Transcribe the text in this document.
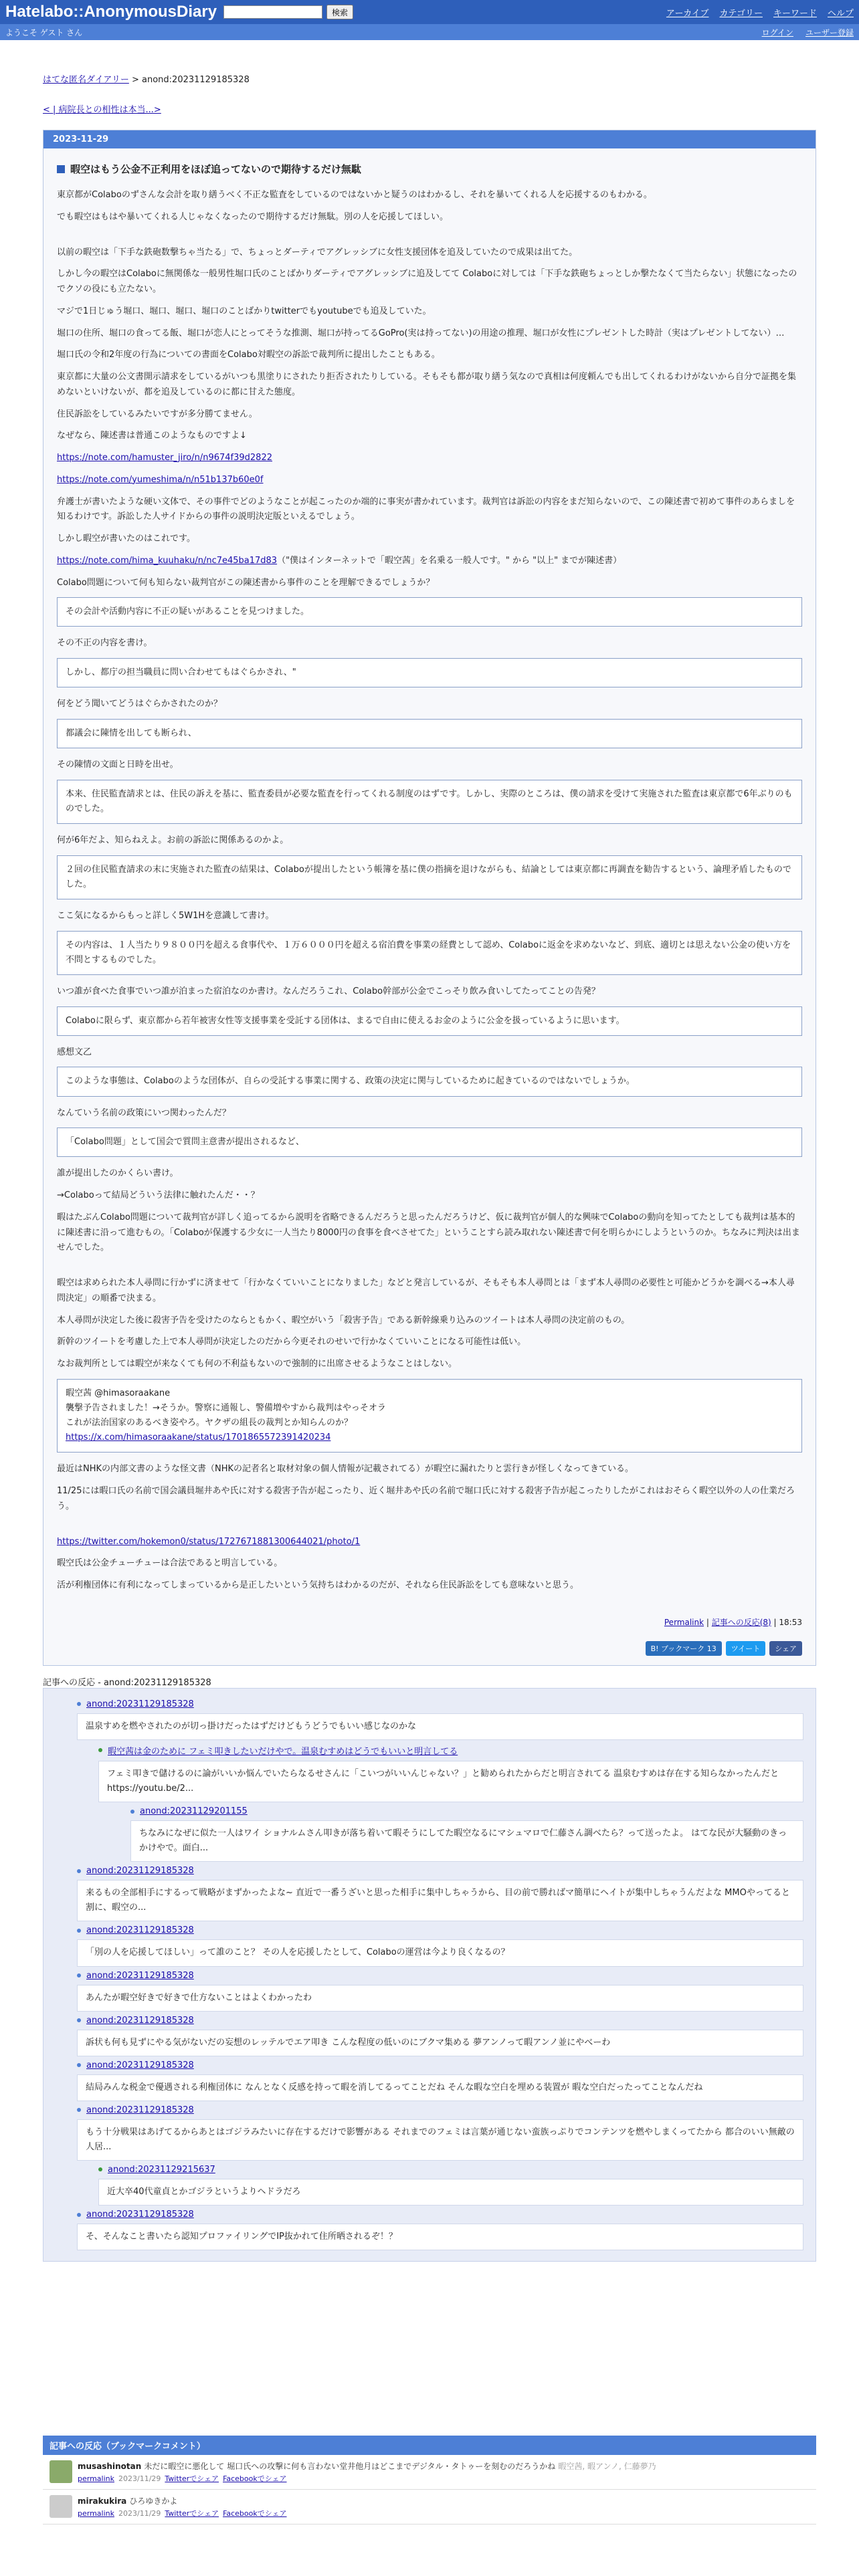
Hatelabo::AnonymousDiary	検索	アーカイブ カテゴリー キーワード ヘルプ
ようこそ ゲスト さん	ログイン ユーザー登録
はてな匿名ダイアリー > anond:20231129185328
< | 病院長との相性は本当...>
2023-11-29
暇空はもう公金不正利用をほぼ追ってないので期待するだけ無駄

東京都がColaboのずさんな会計を取り繕うべく不正な監査をしているのではないかと疑うのはわかるし、それを暴いてくれる人を応援するのもわかる。

でも暇空はもはや暴いてくれる人じゃなくなったので期待するだけ無駄。別の人を応援してほしい。

以前の暇空は「下手な鉄砲数撃ちゃ当たる」で、ちょっとダーティでアグレッシブに女性支援団体を追及していたので成果は出てた。

しかし今の暇空はColaboに無関係な一般男性堀口氏のことばかりダーティでアグレッシブに追及してて Colaboに対しては「下手な鉄砲ちょっとしか撃たなくて当たらない」状態になったのでクソの役にも立たない。

マジで1日じゅう堀口、堀口、堀口、堀口のことばかりtwitterでもyoutubeでも追及していた。

堀口の住所、堀口の食ってる飯、堀口が恋人にとってそうな推測、堀口が持ってるGoPro(実は持ってない)の用途の推理、堀口が女性にプレゼントした時計（実はプレゼントしてない）…

堀口氏の令和2年度の行為についての書面をColabo対暇空の訴訟で裁判所に提出したこともある。

東京都に大量の公文書開示請求をしているがいつも黒塗りにされたり拒否されたりしている。そもそも都が取り繕う気なので真相は何度頼んでも出してくれるわけがないから自分で証拠を集めないといけないが、都を追及しているのに都に甘えた態度。

住民訴訟をしているみたいですが多分勝てません。

なぜなら、陳述書は普通このようなものですよ↓

https://note.com/hamuster_jiro/n/n9674f39d2822

https://note.com/yumeshima/n/n51b137b60e0f

弁護士が書いたような硬い文体で、その事件でどのようなことが起こったのか端的に事実が書かれています。裁判官は訴訟の内容をまだ知らないので、この陳述書で初めて事件のあらましを知るわけです。訴訟した人サイドからの事件の説明決定版といえるでしょう。

しかし暇空が書いたのはこれです。

https://note.com/hima_kuuhaku/n/nc7e45ba17d83（"僕はインターネットで「暇空茜」を名乗る一般人です。" から "以上" までが陳述書）

Colabo問題について何も知らない裁判官がこの陳述書から事件のことを理解できるでしょうか？

その会計や活動内容に不正の疑いがあることを見つけました。

その不正の内容を書け。

しかし、都庁の担当職員に問い合わせてもはぐらかされ、"

何をどう聞いてどうはぐらかされたのか？

都議会に陳情を出しても断られ、

その陳情の文面と日時を出せ。

本来、住民監査請求とは、住民の訴えを基に、監査委員が必要な監査を行ってくれる制度のはずです。しかし、実際のところは、僕の請求を受けて実施された監査は東京都で6年ぶりのものでした。

何が6年だよ、知らねえよ。お前の訴訟に関係あるのかよ。

２回の住民監査請求の末に実施された監査の結果は、Colaboが提出したという帳簿を基に僕の指摘を退けながらも、結論としては東京都に再調査を勧告するという、論理矛盾したものでした。

ここ気になるからもっと詳しく5W1Hを意識して書け。

その内容は、１人当たり９８００円を超える食事代や、１万６０００円を超える宿泊費を事業の経費として認め、Colaboに返金を求めないなど、到底、適切とは思えない公金の使い方を不問とするものでした。

いつ誰が食べた食事でいつ誰が泊まった宿泊なのか書け。なんだろうこれ、Colabo幹部が公金でこっそり飲み食いしてたってことの告発？

Colaboに限らず、東京都から若年被害女性等支援事業を受託する団体は、まるで自由に使えるお金のように公金を扱っているように思います。

感想文乙

このような事態は、Colaboのような団体が、自らの受託する事業に関する、政策の決定に関与しているために起きているのではないでしょうか。

なんていう名前の政策にいつ関わったんだ？

「Colabo問題」として国会で質問主意書が提出されるなど、

誰が提出したのかくらい書け。

→Colaboって結局どういう法律に触れたんだ・・？

暇はたぶんColabo問題について裁判官が詳しく追ってるから説明を省略できるんだろうと思ったんだろうけど、仮に裁判官が個人的な興味でColaboの動向を知ってたとしても裁判は基本的に陳述書に沿って進むもの。「Colaboが保護する少女に一人当たり8000円の食事を食べさせてた」ということすら読み取れない陳述書で何を明らかにしようというのか。ちなみに判決は出ませんでした。

暇空は求められた本人尋問に行かずに済ませて「行かなくていいことになりました」などと発言しているが、そもそも本人尋問とは「まず本人尋問の必要性と可能かどうかを調べる→本人尋問決定」の順番で決まる。

本人尋問が決定した後に殺害予告を受けたのならともかく、暇空がいう「殺害予告」である新幹線乗り込みのツイートは本人尋問の決定前のもの。

新幹のツイートを考慮した上で本人尋問が決定したのだから今更それのせいで行かなくていいことになる可能性は低い。

なお裁判所としては暇空が来なくても何の不利益もないので強制的に出席させるようなことはしない。

暇空茜 @himasoraakane
襲撃予告されました！→そうか。警察に通報し、警備増やすから裁判はやっそオラ
これが法治国家のあるべき姿やろ。ヤクザの組長の裁判とか知らんのか？
https://x.com/himasoraakane/status/1701865572391420234

最近はNHKの内部文書のような怪文書（NHKの記者名と取材対象の個人情報が記載されてる）が暇空に漏れたりと雲行きが怪しくなってきている。

11/25には暇口氏の名前で国会議員堀井あや氏に対する殺害予告が起こったり、近く堀井あや氏の名前で堀口氏に対する殺害予告が起こったりしたがこれはおそらく暇空以外の人の仕業だろう。

https://twitter.com/hokemon0/status/1727671881300644021/photo/1

暇空氏は公金チューチューは合法であると明言している。

活が利権団体に有利になってしまっているから是正したいという気持ちはわかるのだが、それなら住民訴訟をしても意味ないと思う。

Permalink | 記事への反応(8) | 18:53
B! ブックマーク 13	ツイート	シェア
記事への反応 - anond:20231129185328
anond:20231129185328
温泉すめを燃やされたのが切っ掛けだったはずだけどもうどうでもいい感じなのかな
暇空茜は金のために フェミ叩きしたいだけやで。温泉むすめはどうでもいいと明言してる
フェミ叩きで儲けるのに論がいいか悩んでいたらなるせさんに「こいつがいいんじゃない？」と勧められたからだと明言されてる 温泉むすめは存在する知らなかったんだと https://youtu.be/2...
anond:20231129201155
ちなみになぜに似た一人はワイ ショナルムさん叩きが落ち着いて暇そうにしてた暇空なるにマシュマロで仁藤さん調べたら？って送ったよ。 はてな民が大騒動のきっかけやで。面白...
anond:20231129185328
来るもの全部相手にするって戦略がまずかったよな~ 直近で一番うざいと思った相手に集中しちゃうから、目の前で勝ればマ簡単にヘイトが集中しちゃうんだよな MMOやってると割に、暇空の...
anond:20231129185328
「別の人を応援してほしい」って誰のこと？ その人を応援したとして、Colaboの運営は今より良くなるの？
anond:20231129185328
あんたが暇空好きで好きで仕方ないことはよくわかったわ
anond:20231129185328
訴状も何も見ずにやる気がないだの妄想のレッテルでエア叩き こんな程度の低いのにブクマ集める 夢アンノって暇アンノ並にやべーわ
anond:20231129185328
結局みんな税金で優遇される利権団体に なんとなく反感を持って暇を消してるってことだね そんな暇な空白を埋める装置が 暇な空白だったってことなんだね
anond:20231129185328
もう十分戦果はあげてるからあとはゴジラみたいに存在するだけで影響がある それまでのフェミは言葉が通じない蛮族っぷりでコンテンツを燃やしまくってたから 都合のいい無敵の人居...
anond:20231129215637
近大卒40代童貞とかゴジラというよりヘドラだろ
anond:20231129185328
そ、そんなこと書いたら認知プロファイリングでIP抜かれて住所晒されるぞ！？
記事への反応（ブックマークコメント）
musashinotan 未だに暇空に悪化して 堀口氏への攻撃に何も言わない堂井他月はどこまでデジタル・タトゥーを刻むのだろうかね 暇空茜, 暇アンノ, 仁藤夢乃
permalink 2023/11/29 Twitterでシェア Facebookでシェア
mirakukira ひろゆきかよ
permalink 2023/11/29 Twitterでシェア Facebookでシェア
